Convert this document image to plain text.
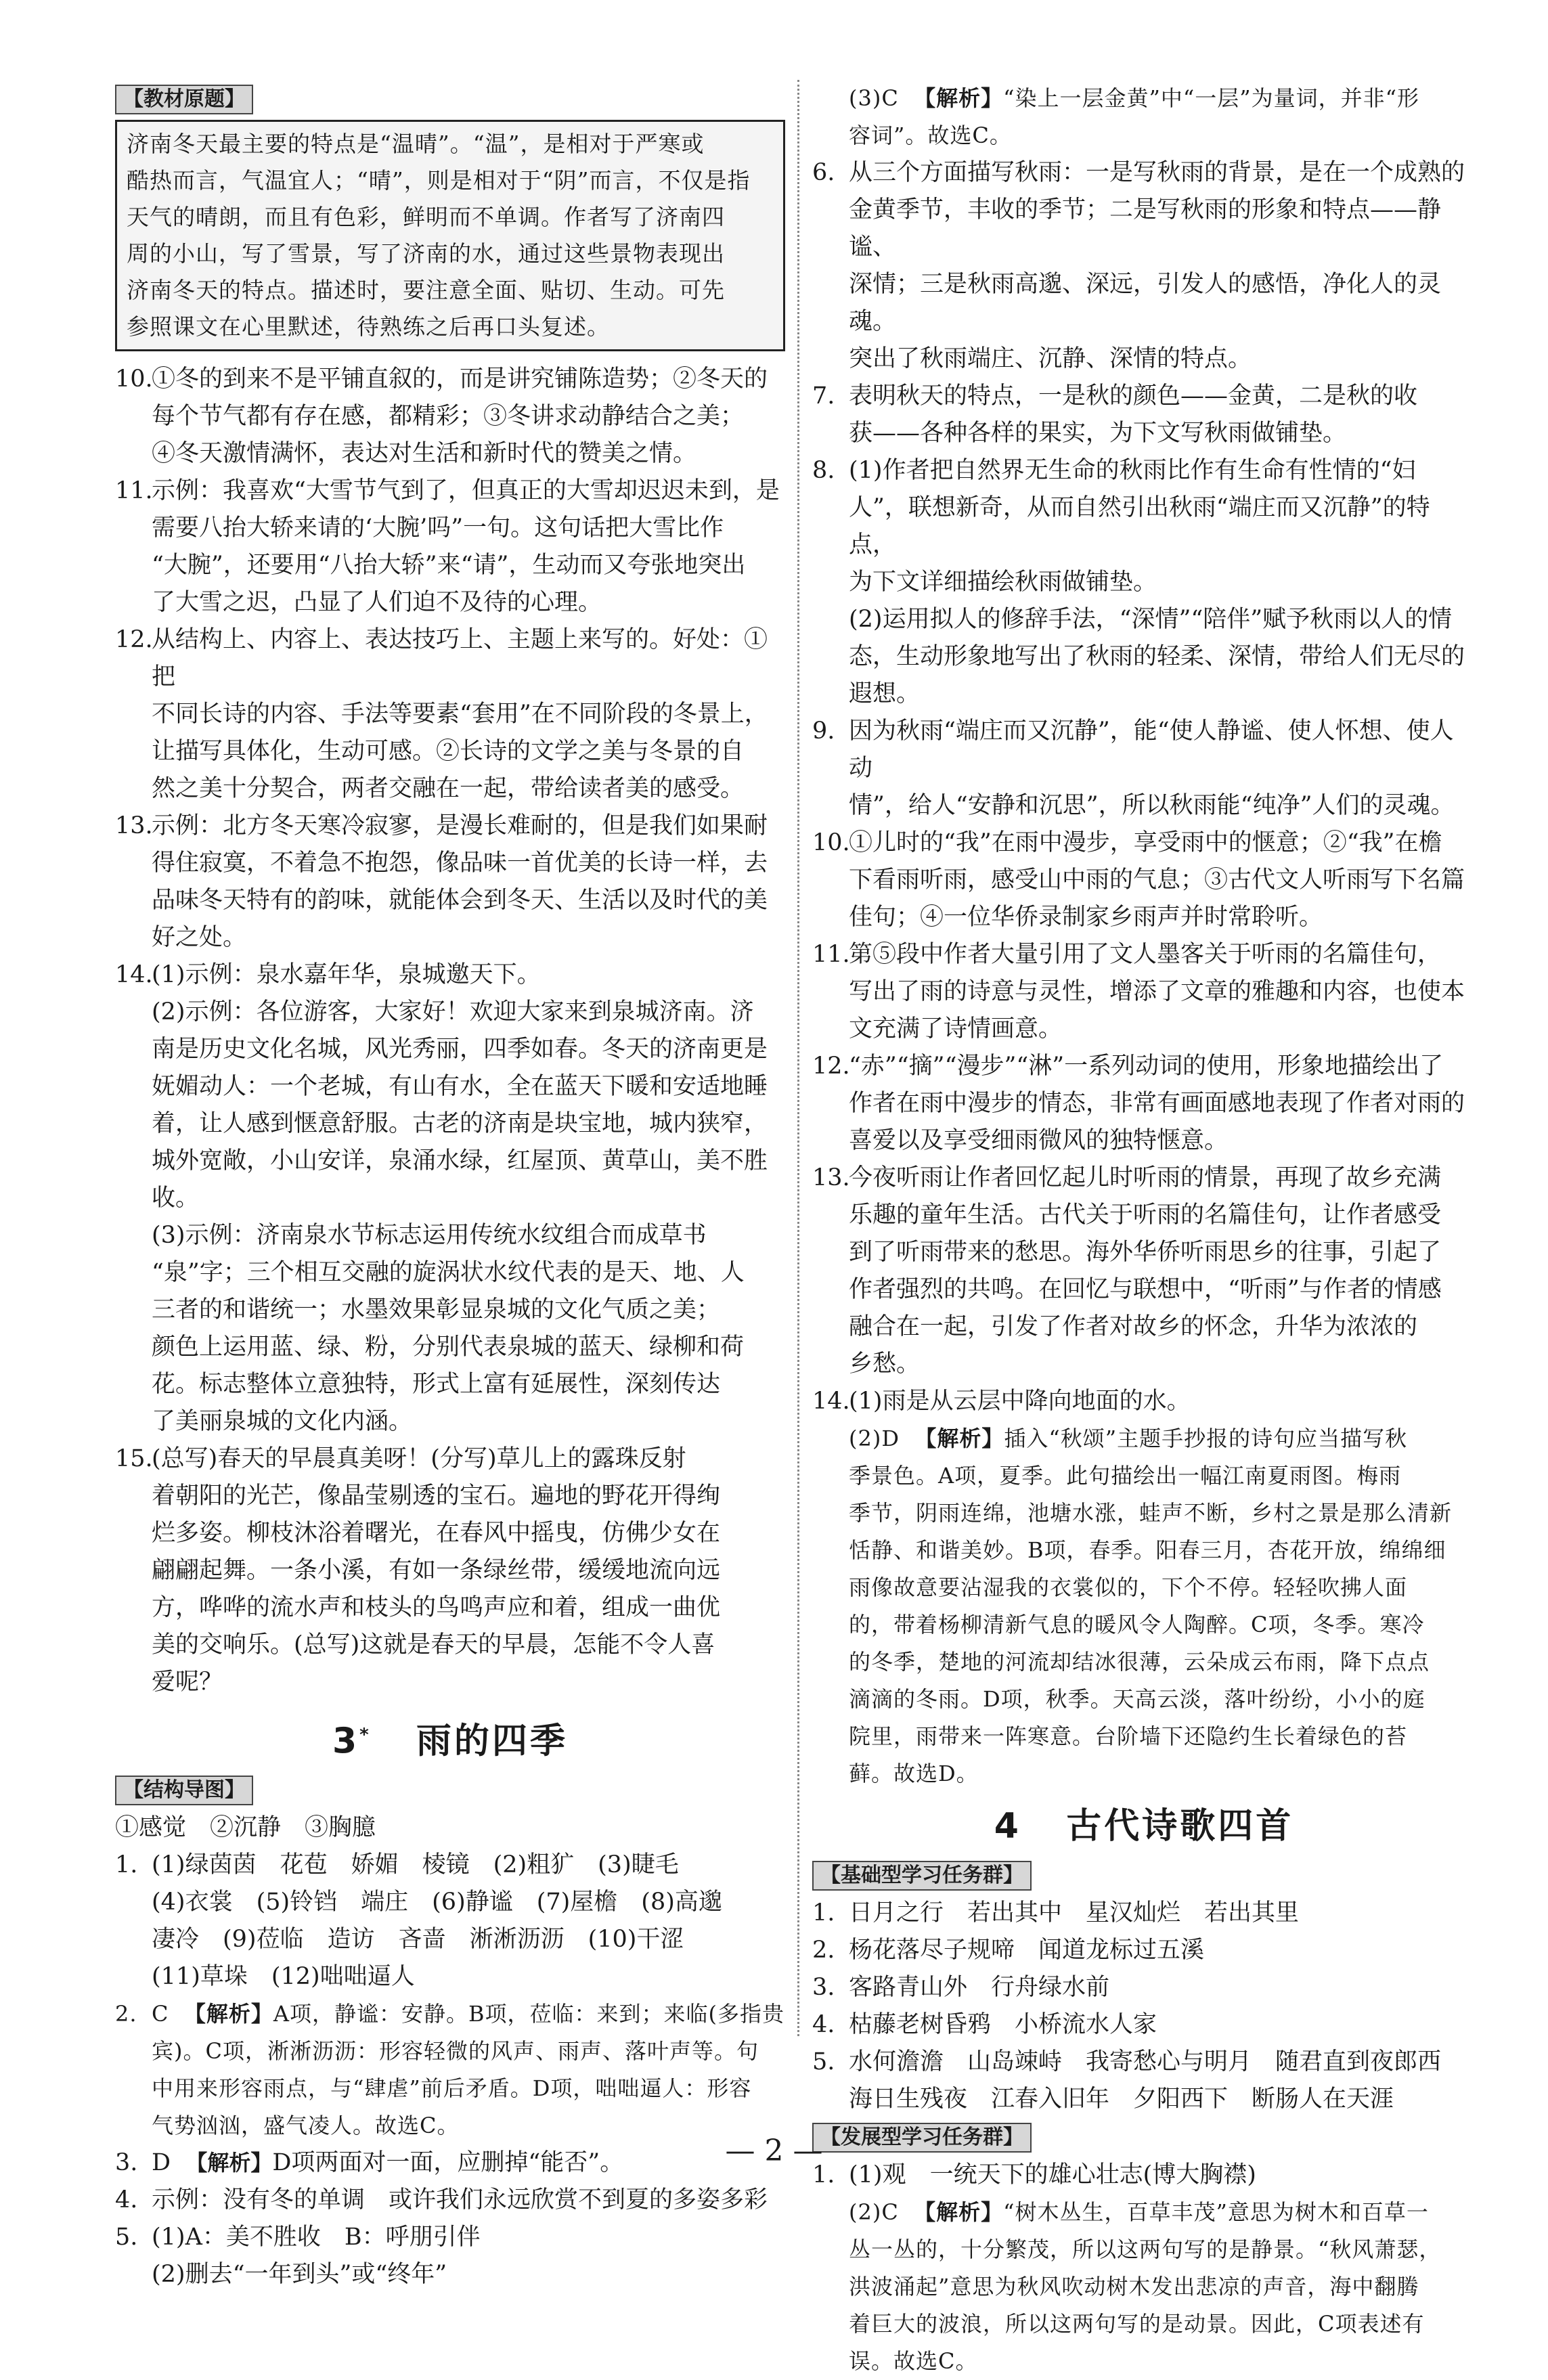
【教材原题】
济南冬天最主要的特点是“温晴”。“温”，是相对于严寒或
酷热而言，气温宜人；“晴”，则是相对于“阴”而言，不仅是指
天气的晴朗，而且有色彩，鲜明而不单调。作者写了济南四
周的小山，写了雪景，写了济南的水，通过这些景物表现出
济南冬天的特点。描述时，要注意全面、贴切、生动。可先
参照课文在心里默述，待熟练之后再口头复述。
10.
①冬的到来不是平铺直叙的，而是讲究铺陈造势；②冬天的
每个节气都有存在感，都精彩；③冬讲求动静结合之美；
④冬天激情满怀，表达对生活和新时代的赞美之情。
11.
示例：我喜欢“大雪节气到了，但真正的大雪却迟迟未到，是
需要八抬大轿来请的‘大腕’吗”一句。这句话把大雪比作
“大腕”，还要用“八抬大轿”来“请”，生动而又夸张地突出
了大雪之迟，凸显了人们迫不及待的心理。
12.
从结构上、内容上、表达技巧上、主题上来写的。好处：①把
不同长诗的内容、手法等要素“套用”在不同阶段的冬景上，
让描写具体化，生动可感。②长诗的文学之美与冬景的自
然之美十分契合，两者交融在一起，带给读者美的感受。
13.
示例：北方冬天寒冷寂寥，是漫长难耐的，但是我们如果耐
得住寂寞，不着急不抱怨，像品味一首优美的长诗一样，去
品味冬天特有的韵味，就能体会到冬天、生活以及时代的美
好之处。
14.
(1)示例：泉水嘉年华，泉城邀天下。
(2)示例：各位游客，大家好！欢迎大家来到泉城济南。济
南是历史文化名城，风光秀丽，四季如春。冬天的济南更是
妩媚动人：一个老城，有山有水，全在蓝天下暖和安适地睡
着，让人感到惬意舒服。古老的济南是块宝地，城内狭窄，
城外宽敞，小山安详，泉涌水绿，红屋顶、黄草山，美不胜收。
(3)示例：济南泉水节标志运用传统水纹组合而成草书
“泉”字；三个相互交融的旋涡状水纹代表的是天、地、人
三者的和谐统一；水墨效果彰显泉城的文化气质之美；
颜色上运用蓝、绿、粉，分别代表泉城的蓝天、绿柳和荷
花。标志整体立意独特，形式上富有延展性，深刻传达
了美丽泉城的文化内涵。
15.
(总写)春天的早晨真美呀！(分写)草儿上的露珠反射
着朝阳的光芒，像晶莹剔透的宝石。遍地的野花开得绚
烂多姿。柳枝沐浴着曙光，在春风中摇曳，仿佛少女在
翩翩起舞。一条小溪，有如一条绿丝带，缓缓地流向远
方，哗哗的流水声和枝头的鸟鸣声应和着，组成一曲优
美的交响乐。(总写)这就是春天的早晨，怎能不令人喜
爱呢？
3* 雨的四季
【结构导图】
①感觉　②沉静　③胸臆
1. (1)绿茵茵　花苞　娇媚　棱镜　(2)粗犷　(3)睫毛
(4)衣裳　(5)铃铛　端庄　(6)静谧　(7)屋檐　(8)高邈
凄冷　(9)莅临　造访　吝啬　淅淅沥沥　(10)干涩
(11)草垛　(12)咄咄逼人
2. C 【解析】A项，静谧：安静。B项，莅临：来到；来临(多指贵
宾)。C项，淅淅沥沥：形容轻微的风声、雨声、落叶声等。句
中用来形容雨点，与“肆虐”前后矛盾。D项，咄咄逼人：形容
气势汹汹，盛气凌人。故选C。
3. D 【解析】D项两面对一面，应删掉“能否”。
4. 示例：没有冬的单调　或许我们永远欣赏不到夏的多姿多彩
5. (1)A：美不胜收　B：呼朋引伴
(2)删去“一年到头”或“终年”
(3)C 【解析】“染上一层金黄”中“一层”为量词，并非“形
容词”。故选C。
6. 从三个方面描写秋雨：一是写秋雨的背景，是在一个成熟的
金黄季节，丰收的季节；二是写秋雨的形象和特点——静谧、
深情；三是秋雨高邈、深远，引发人的感悟，净化人的灵魂。
突出了秋雨端庄、沉静、深情的特点。
7. 表明秋天的特点，一是秋的颜色——金黄，二是秋的收
获——各种各样的果实，为下文写秋雨做铺垫。
8. (1)作者把自然界无生命的秋雨比作有生命有性情的“妇
人”，联想新奇，从而自然引出秋雨“端庄而又沉静”的特点，
为下文详细描绘秋雨做铺垫。
(2)运用拟人的修辞手法，“深情”“陪伴”赋予秋雨以人的情
态，生动形象地写出了秋雨的轻柔、深情，带给人们无尽的
遐想。
9. 因为秋雨“端庄而又沉静”，能“使人静谧、使人怀想、使人动
情”，给人“安静和沉思”，所以秋雨能“纯净”人们的灵魂。
10.
①儿时的“我”在雨中漫步，享受雨中的惬意；②“我”在檐
下看雨听雨，感受山中雨的气息；③古代文人听雨写下名篇
佳句；④一位华侨录制家乡雨声并时常聆听。
11.
第⑤段中作者大量引用了文人墨客关于听雨的名篇佳句，
写出了雨的诗意与灵性，增添了文章的雅趣和内容，也使本
文充满了诗情画意。
12.
“赤”“摘”“漫步”“淋”一系列动词的使用，形象地描绘出了
作者在雨中漫步的情态，非常有画面感地表现了作者对雨的
喜爱以及享受细雨微风的独特惬意。
13.
今夜听雨让作者回忆起儿时听雨的情景，再现了故乡充满
乐趣的童年生活。古代关于听雨的名篇佳句，让作者感受
到了听雨带来的愁思。海外华侨听雨思乡的往事，引起了
作者强烈的共鸣。在回忆与联想中，“听雨”与作者的情感
融合在一起，引发了作者对故乡的怀念，升华为浓浓的
乡愁。
14.
(1)雨是从云层中降向地面的水。
(2)D 【解析】插入“秋颂”主题手抄报的诗句应当描写秋
季景色。A项，夏季。此句描绘出一幅江南夏雨图。梅雨
季节，阴雨连绵，池塘水涨，蛙声不断，乡村之景是那么清新
恬静、和谐美妙。B项，春季。阳春三月，杏花开放，绵绵细
雨像故意要沾湿我的衣裳似的，下个不停。轻轻吹拂人面
的，带着杨柳清新气息的暖风令人陶醉。C项，冬季。寒冷
的冬季，楚地的河流却结冰很薄，云朵成云布雨，降下点点
滴滴的冬雨。D项，秋季。天高云淡，落叶纷纷，小小的庭
院里，雨带来一阵寒意。台阶墙下还隐约生长着绿色的苔
藓。故选D。
4 古代诗歌四首
【基础型学习任务群】
1. 日月之行　若出其中　星汉灿烂　若出其里
2. 杨花落尽子规啼　闻道龙标过五溪
3. 客路青山外　行舟绿水前
4. 枯藤老树昏鸦　小桥流水人家
5. 水何澹澹　山岛竦峙　我寄愁心与明月　随君直到夜郎西
海日生残夜　江春入旧年　夕阳西下　断肠人在天涯
【发展型学习任务群】
1. (1)观　一统天下的雄心壮志(博大胸襟)
(2)C 【解析】“树木丛生，百草丰茂”意思为树木和百草一
丛一丛的，十分繁茂，所以这两句写的是静景。“秋风萧瑟，
洪波涌起”意思为秋风吹动树木发出悲凉的声音，海中翻腾
着巨大的波浪，所以这两句写的是动景。因此，C项表述有
误。故选C。
— 2 —
